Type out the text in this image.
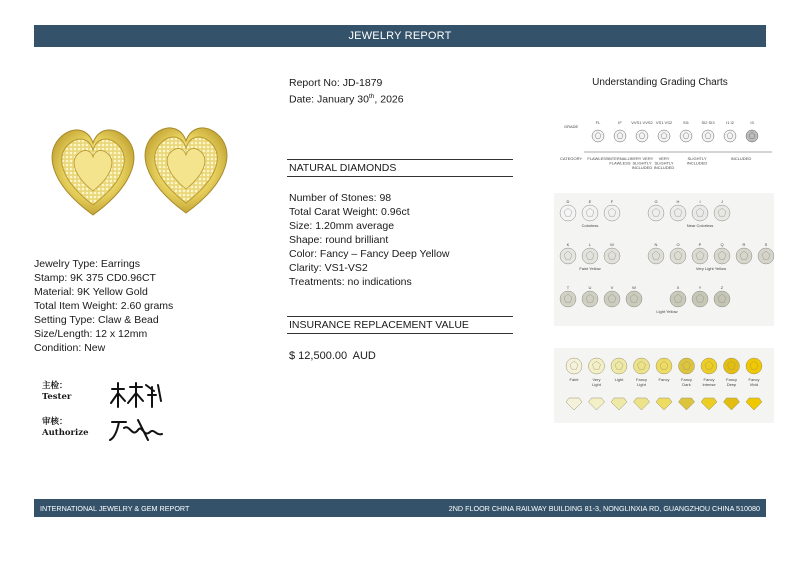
JEWELRY REPORT

Jewelry Type: Earrings

Stamp: 9K 375 CD0.96CT

Material: 9K Yellow Gold

Total Item Weight: 2.60 grams

Setting Type: Claw & Bead

Size/Length: 12 x 12mm

Condition: New

主检：
Tester
审核：
Authorize
Report No: JD-1879
Date: January 30th, 2026
NATURAL DIAMONDS

Number of Stones: 98

Total Carat Weight: 0.96ct

Size: 1.20mm average

Shape: round brilliant

Color: Fancy – Fancy Deep Yellow

Clarity: VS1-VS2

Treatments: no indications

INSURANCE REPLACEMENT VALUE
$ 12,500.00  AUD
Understanding Grading Charts
GRADE
CATEGORY
FL	IF VVS1 VVS2 VS1 VS2	SI1	SI2 SI3	I1 I2	I3
FLAWLESS INTERNALLY FLAWLESS
VERY VERY SLIGHTLY INCLUDED
VERY SLIGHTLY INCLUDED
SLIGHTLY INCLUDED
INCLUDED
D	E	F	G	H	I	J
K	L	M	N	O	P	Q	R	S
T	U	V	W	X	Y	Z
Colorless	Near Colorless
Faint Yellow	Very Light Yellow
Light Yellow
Faint	Very Light
Light	Fancy Light
Fancy	Fancy Dark
Fancy Intense
Fancy Deep
Fancy Vivid
INTERNATIONAL JEWELRY & GEM REPORT	2ND FLOOR CHINA RAILWAY BUILDING 81-3, NONGLINXIA RD, GUANGZHOU CHINA 510080
